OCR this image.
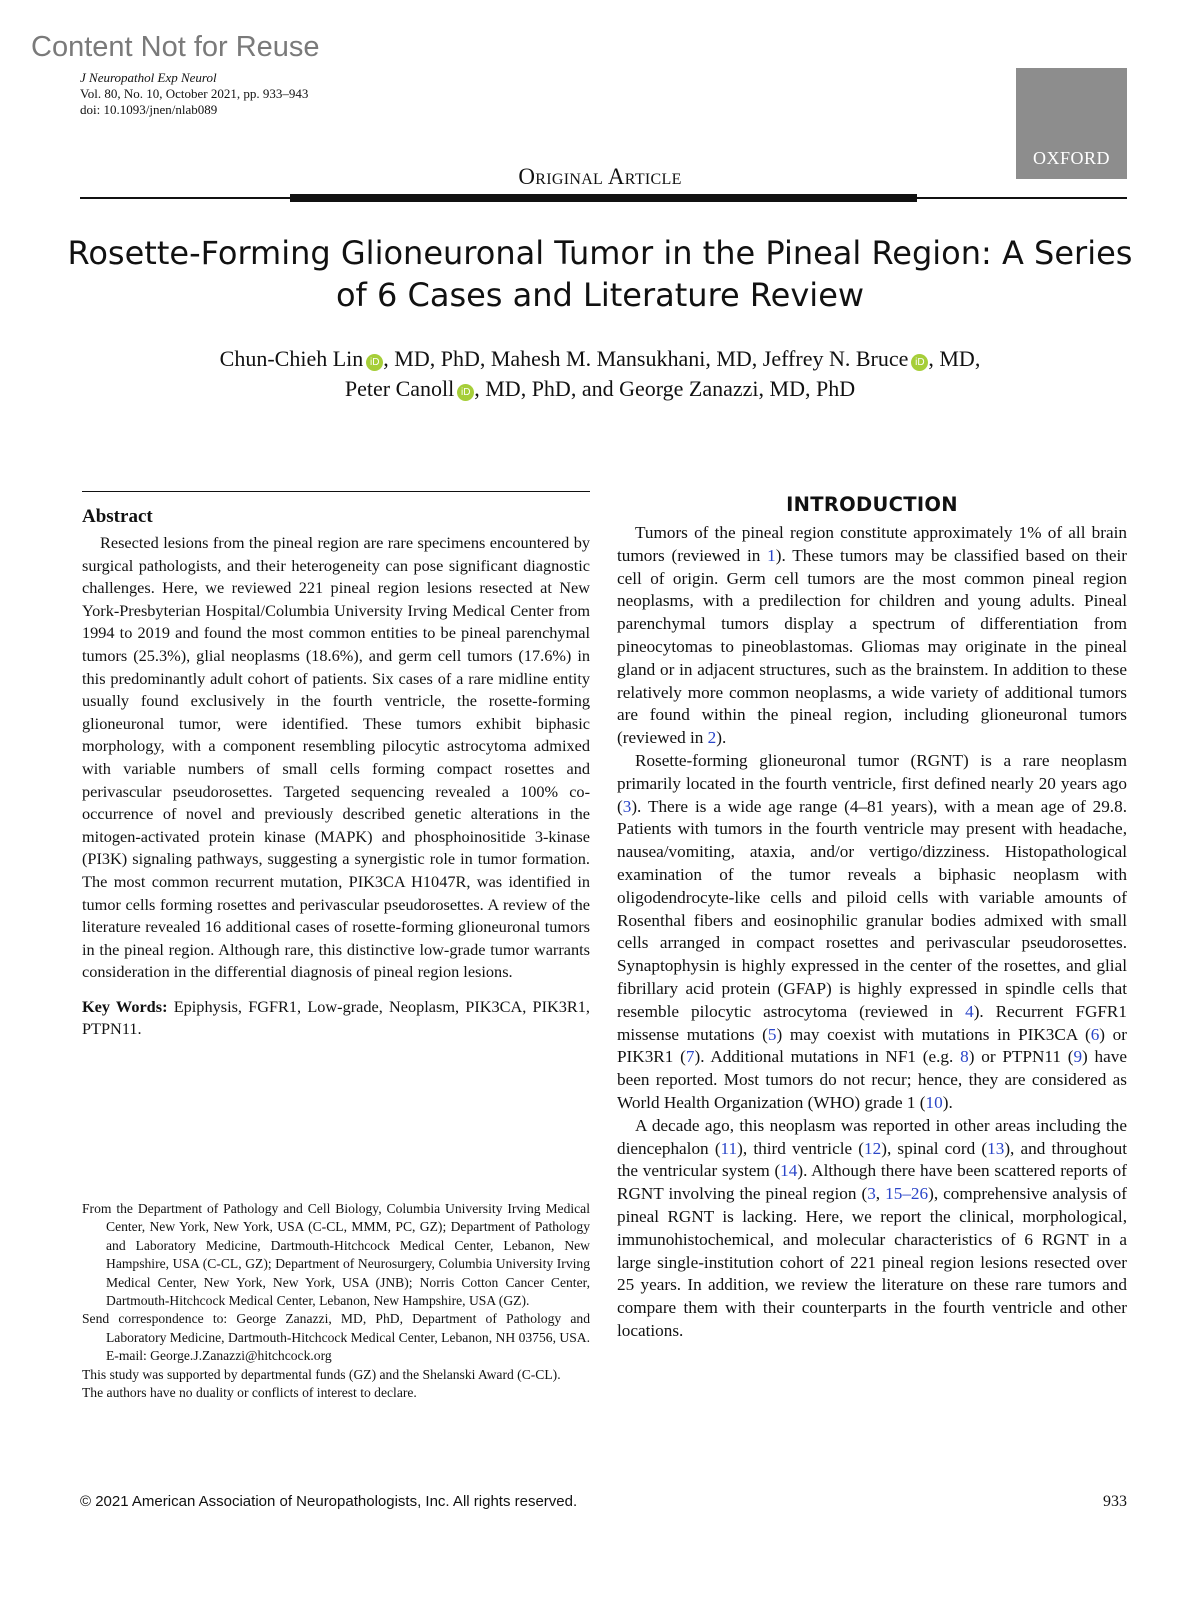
Content Not for Reuse
J Neuropathol Exp Neurol
Vol. 80, No. 10, October 2021, pp. 933–943
doi: 10.1093/jnen/nlab089
OXFORD
Original Article
Rosette-Forming Glioneuronal Tumor in the Pineal Region: A Series of 6 Cases and Literature Review
Chun-Chieh Lin iD , MD, PhD, Mahesh M. Mansukhani, MD, Jeffrey N. Bruce iD , MD,
Peter Canoll iD , MD, PhD, and George Zanazzi, MD, PhD
Abstract

Resected lesions from the pineal region are rare specimens encountered by surgical pathologists, and their heterogeneity can pose significant diagnostic challenges. Here, we reviewed 221 pineal region lesions resected at New York-Presbyterian Hospital/Columbia University Irving Medical Center from 1994 to 2019 and found the most common entities to be pineal parenchymal tumors (25.3%), glial neoplasms (18.6%), and germ cell tumors (17.6%) in this predominantly adult cohort of patients. Six cases of a rare midline entity usually found exclusively in the fourth ventricle, the rosette-forming glioneuronal tumor, were identified. These tumors exhibit biphasic morphology, with a component resembling pilocytic astrocytoma admixed with variable numbers of small cells forming compact rosettes and perivascular pseudorosettes. Targeted sequencing revealed a 100% co-occurrence of novel and previously described genetic alterations in the mitogen-activated protein kinase (MAPK) and phosphoinositide 3-kinase (PI3K) signaling pathways, suggesting a synergistic role in tumor formation. The most common recurrent mutation, PIK3CA H1047R, was identified in tumor cells forming rosettes and perivascular pseudorosettes. A review of the literature revealed 16 additional cases of rosette-forming glioneuronal tumors in the pineal region. Although rare, this distinctive low-grade tumor warrants consideration in the differential diagnosis of pineal region lesions.

Key Words: Epiphysis, FGFR1, Low-grade, Neoplasm, PIK3CA, PIK3R1, PTPN11.

From the Department of Pathology and Cell Biology, Columbia University Irving Medical Center, New York, New York, USA (C-CL, MMM, PC, GZ); Department of Pathology and Laboratory Medicine, Dartmouth-Hitchcock Medical Center, Lebanon, New Hampshire, USA (C-CL, GZ); Department of Neurosurgery, Columbia University Irving Medical Center, New York, New York, USA (JNB); Norris Cotton Cancer Center, Dartmouth-Hitchcock Medical Center, Lebanon, New Hampshire, USA (GZ).

Send correspondence to: George Zanazzi, MD, PhD, Department of Pathology and Laboratory Medicine, Dartmouth-Hitchcock Medical Center, Lebanon, NH 03756, USA. E-mail: George.J.Zanazzi@hitchcock.org

This study was supported by departmental funds (GZ) and the Shelanski Award (C-CL).

The authors have no duality or conflicts of interest to declare.

INTRODUCTION

Tumors of the pineal region constitute approximately 1% of all brain tumors (reviewed in 1). These tumors may be classified based on their cell of origin. Germ cell tumors are the most common pineal region neoplasms, with a predilection for children and young adults. Pineal parenchymal tumors display a spectrum of differentiation from pineocytomas to pineoblastomas. Gliomas may originate in the pineal gland or in adjacent structures, such as the brainstem. In addition to these relatively more common neoplasms, a wide variety of additional tumors are found within the pineal region, including glioneuronal tumors (reviewed in 2).

Rosette-forming glioneuronal tumor (RGNT) is a rare neoplasm primarily located in the fourth ventricle, first defined nearly 20 years ago (3). There is a wide age range (4–81 years), with a mean age of 29.8. Patients with tumors in the fourth ventricle may present with headache, nausea/vomiting, ataxia, and/or vertigo/dizziness. Histopathological examination of the tumor reveals a biphasic neoplasm with oligodendrocyte-like cells and piloid cells with variable amounts of Rosenthal fibers and eosinophilic granular bodies admixed with small cells arranged in compact rosettes and perivascular pseudorosettes. Synaptophysin is highly expressed in the center of the rosettes, and glial fibrillary acid protein (GFAP) is highly expressed in spindle cells that resemble pilocytic astrocytoma (reviewed in 4). Recurrent FGFR1 missense mutations (5) may coexist with mutations in PIK3CA (6) or PIK3R1 (7). Additional mutations in NF1 (e.g. 8) or PTPN11 (9) have been reported. Most tumors do not recur; hence, they are considered as World Health Organization (WHO) grade 1 (10).

A decade ago, this neoplasm was reported in other areas including the diencephalon (11), third ventricle (12), spinal cord (13), and throughout the ventricular system (14). Although there have been scattered reports of RGNT involving the pineal region (3, 15–26), comprehensive analysis of pineal RGNT is lacking. Here, we report the clinical, morphological, immunohistochemical, and molecular characteristics of 6 RGNT in a large single-institution cohort of 221 pineal region lesions resected over 25 years. In addition, we review the literature on these rare tumors and compare them with their counterparts in the fourth ventricle and other locations.

© 2021 American Association of Neuropathologists, Inc. All rights reserved.	933
